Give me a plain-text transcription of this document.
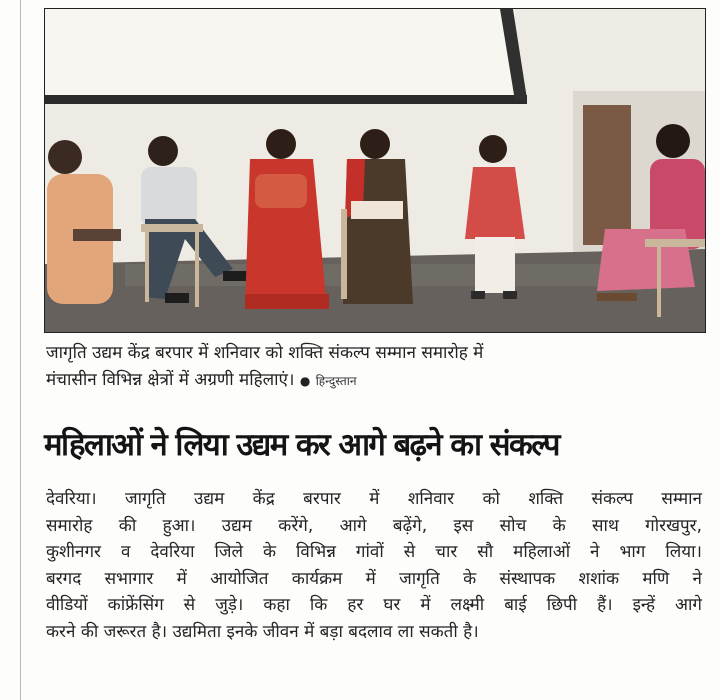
जागृति उद्यम केंद्र बरपार में शनिवार को शक्ति संकल्प सम्मान समारोह में
मंचासीन विभिन्न क्षेत्रों में अग्रणी महिलाएं। ● हिन्दुस्तान
महिलाओं ने लिया उद्यम कर आगे बढ़ने का संकल्प
देवरिया। जागृति उद्यम केंद्र बरपार में शनिवार को शक्ति संकल्प सम्मान
समारोह की हुआ। उद्यम करेंगे, आगे बढ़ेंगे, इस सोच के साथ गोरखपुर,
कुशीनगर व देवरिया जिले के विभिन्न गांवों से चार सौ महिलाओं ने भाग लिया।
बरगद सभागार में आयोजित कार्यक्रम में जागृति के संस्थापक शशांक मणि ने
वीडियों कांफ्रेंसिंग से जुड़े। कहा कि हर घर में लक्ष्मी बाई छिपी हैं। इन्हें आगे
करने की जरूरत है। उद्यमिता इनके जीवन में बड़ा बदलाव ला सकती है।
